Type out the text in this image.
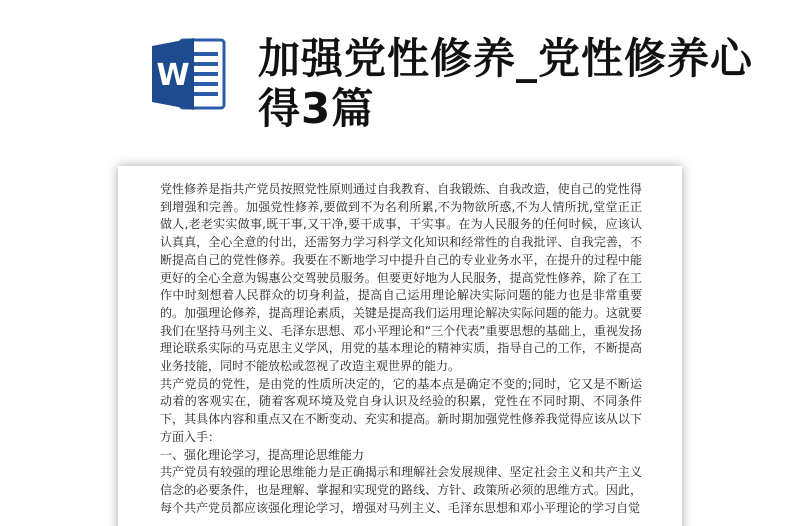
W 加强党性修养_党性修养心得3篇

党性修养是指共产党员按照党性原则通过自我教育、自我锻炼、自我改造，使自己的党性得到增强和完善。加强党性修养,要做到不为名利所累,不为物欲所惑,不为人情所扰,堂堂正正做人,老老实实做事,既干事,又干净,要干成事，干实事。在为人民服务的任何时候，应该认认真真，全心全意的付出，还需努力学习科学文化知识和经常性的自我批评、自我完善，不断提高自己的党性修养。我要在不断地学习中提升自己的专业业务水平，在提升的过程中能更好的全心全意为锡惠公交驾驶员服务。但要更好地为人民服务，提高党性修养，除了在工作中时刻想着人民群众的切身利益，提高自己运用理论解决实际问题的能力也是非常重要的。加强理论修养，提高理论素质，关键是提高我们运用理论解决实际问题的能力。这就要我们在坚持马列主义、毛泽东思想、邓小平理论和“三个代表”重要思想的基础上，重视发扬理论联系实际的马克思主义学风，用党的基本理论的精神实质，指导自己的工作，不断提高业务技能，同时不能放松或忽视了改造主观世界的能力。

共产党员的党性，是由党的性质所决定的，它的基本点是确定不变的;同时，它又是不断运动着的客观实在，随着客观环境及党自身认识及经验的积累，党性在不同时期、不同条件下，其具体内容和重点又在不断变动、充实和提高。新时期加强党性修养我觉得应该从以下方面入手：

一、强化理论学习，提高理论思维能力

共产党员有较强的理论思维能力是正确揭示和理解社会发展规律、坚定社会主义和共产主义信念的必要条件，也是理解、掌握和实现党的路线、方针、政策所必须的思维方式。因此，每个共产党员都应该强化理论学习，增强对马列主义、毛泽东思想和邓小平理论的学习自觉
